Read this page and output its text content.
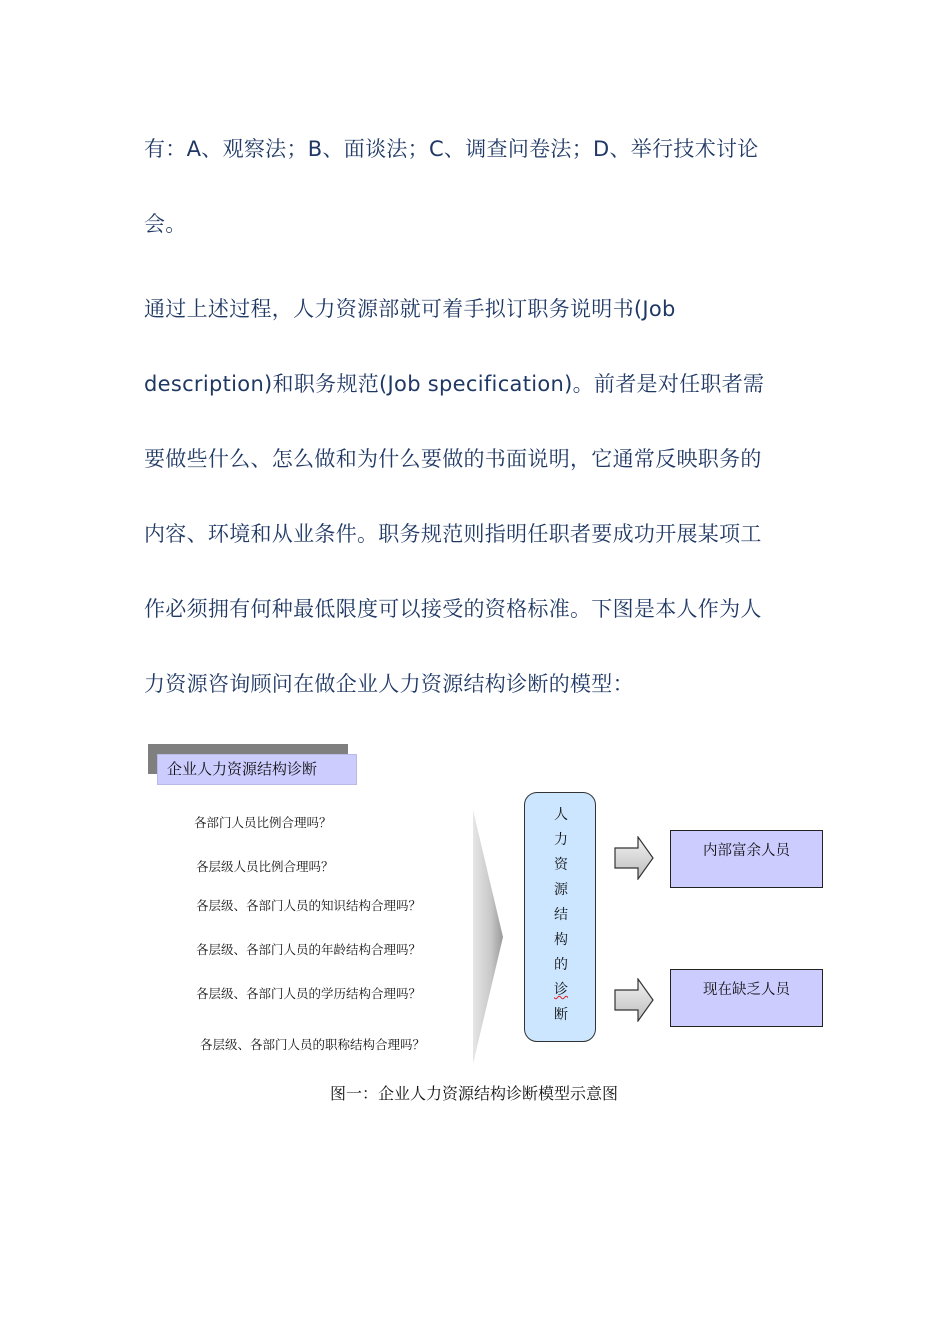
有：A、观察法；B、面谈法；C、调查问卷法；D、举行技术讨论
会。
通过上述过程，人力资源部就可着手拟订职务说明书(Job
description)和职务规范(Job specification)。前者是对任职者需
要做些什么、怎么做和为什么要做的书面说明，它通常反映职务的
内容、环境和从业条件。职务规范则指明任职者要成功开展某项工
作必须拥有何种最低限度可以接受的资格标准。下图是本人作为人
力资源咨询顾问在做企业人力资源结构诊断的模型：
企业人力资源结构诊断
各部门人员比例合理吗？
各层级人员比例合理吗？
各层级、各部门人员的知识结构合理吗？
各层级、各部门人员的年龄结构合理吗？
各层级、各部门人员的学历结构合理吗？
各层级、各部门人员的职称结构合理吗？
人
力
资
源
结
构
的
诊
断
内部富余人员
现在缺乏人员
图一：企业人力资源结构诊断模型示意图
